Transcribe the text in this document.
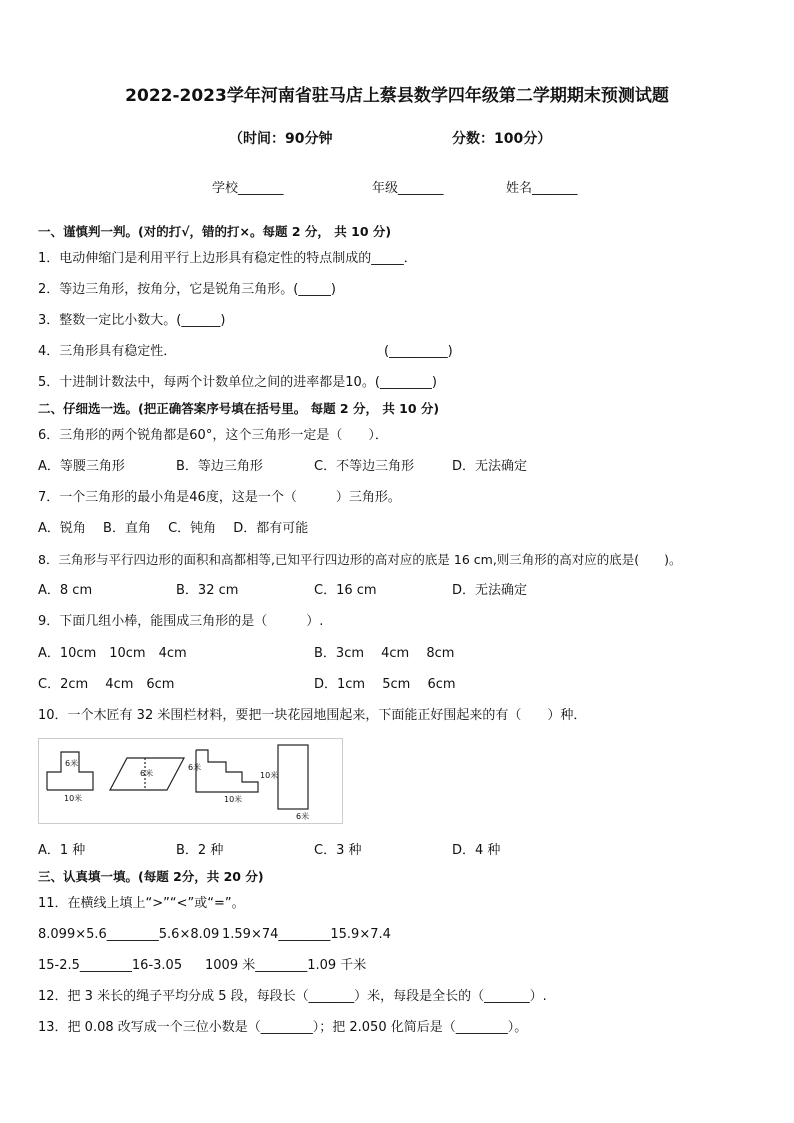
2022-2023学年河南省驻马店上蔡县数学四年级第二学期期末预测试题
（时间：90分钟	分数：100分）
学校_______	年级_______	姓名_______
一、谨慎判一判。(对的打√，错的打×。每题 2 分， 共 10 分)
1．电动伸缩门是利用平行上边形具有稳定性的特点制成的_____．
2．等边三角形，按角分，它是锐角三角形。(_____)
3．整数一定比小数大。(______)
4．三角形具有稳定性．	(_________)
5．十进制计数法中，每两个计数单位之间的进率都是10。(________)
二、仔细选一选。(把正确答案序号填在括号里。 每题 2 分， 共 10 分)
6．三角形的两个锐角都是60°，这个三角形一定是（　　）．
A．等腰三角形	B．等边三角形	C．不等边三角形	D．无法确定
7．一个三角形的最小角是46度，这是一个（　　　）三角形。
A．锐角　 B．直角　 C．钝角　 D．都有可能
8．三角形与平行四边形的面积和高都相等,已知平行四边形的高对应的底是 16 cm,则三角形的高对应的底是(　　)。
A．8 cm	B．32 cm	C．16 cm	D．无法确定
9．下面几组小棒，能围成三角形的是（　　　）.
A．10cm　10cm　4cm	B．3cm　 4cm　 8cm
C．2cm　 4cm　6cm	D．1cm　 5cm　 6cm
10．一个木匠有 32 米围栏材料，要把一块花园地围起来，下面能正好围起来的有（　　）种．
6米
10米
6米
6米
10米
10米
6米
A．1 种	B．2 种	C．3 种	D．4 种
三、认真填一填。(每题 2分，共 20 分)
11．在横线上填上“>”“<”或“=”。
8.099×5.6________5.6×8.09 1.59×74________15.9×7.4
15-2.5________16-3.05 1009 米________1.09 千米
12．把 3 米长的绳子平均分成 5 段，每段长（_______）米，每段是全长的（_______）.
13．把 0.08 改写成一个三位小数是（________）；把 2.050 化简后是（________）。
